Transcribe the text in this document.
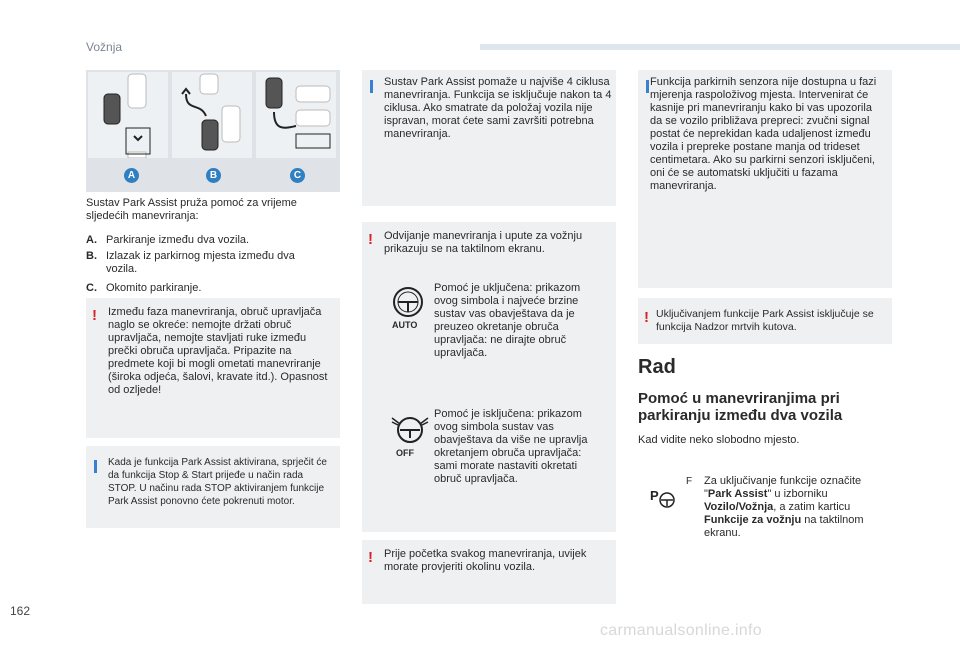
Vožnja
A	B	C
Sustav Park Assist pruža pomoć za vrijeme sljedećih manevriranja:
A. Parkiranje između dva vozila.
B. Izlazak iz parkirnog mjesta između dva vozila.
C. Okomito parkiranje.
! Između faza manevriranja, obruč upravljača naglo se okreće: nemojte držati obruč upravljača, nemojte stavljati ruke između prečki obruča upravljača. Pripazite na predmete koji bi mogli ometati manevriranje (široka odjeća, šalovi, kravate itd.). Opasnost od ozljede!
Kada je funkcija Park Assist aktivirana, sprječit će da funkcija Stop & Start prijeđe u način rada STOP. U načinu rada STOP aktiviranjem funkcije Park Assist ponovno ćete pokrenuti motor.
Sustav Park Assist pomaže u najviše 4 ciklusa manevriranja. Funkcija se isključuje nakon ta 4 ciklusa. Ako smatrate da položaj vozila nije ispravan, morat ćete sami završiti potrebna manevriranja.
! Odvijanje manevriranja i upute za vožnju prikazuju se na taktilnom ekranu.
AUTO
Pomoć je uključena: prikazom ovog simbola i najveće brzine sustav vas obavještava da je preuzeo okretanje obruča upravljača: ne dirajte obruč upravljača.
OFF
Pomoć je isključena: prikazom ovog simbola sustav vas obavještava da više ne upravlja okretanjem obruča upravljača: sami morate nastaviti okretati obruč upravljača.
! Prije početka svakog manevriranja, uvijek morate provjeriti okolinu vozila.
Funkcija parkirnih senzora nije dostupna u fazi mjerenja raspoloživog mjesta. Intervenirat će kasnije pri manevriranju kako bi vas upozorila da se vozilo približava prepreci: zvučni signal postat će neprekidan kada udaljenost između vozila i prepreke postane manja od trideset centimetara. Ako su parkirni senzori isključeni, oni će se automatski uključiti u fazama manevriranja.
! Uključivanjem funkcije Park Assist isključuje se funkcija Nadzor mrtvih kutova.
Rad
Pomoć u manevriranjima pri parkiranju između dva vozila
Kad vidite neko slobodno mjesto.
P
F	Za uključivanje funkcije označite "Park Assist" u izborniku Vozilo/Vožnja, a zatim karticu Funkcije za vožnju na taktilnom ekranu.
162
carmanualsonline.info
